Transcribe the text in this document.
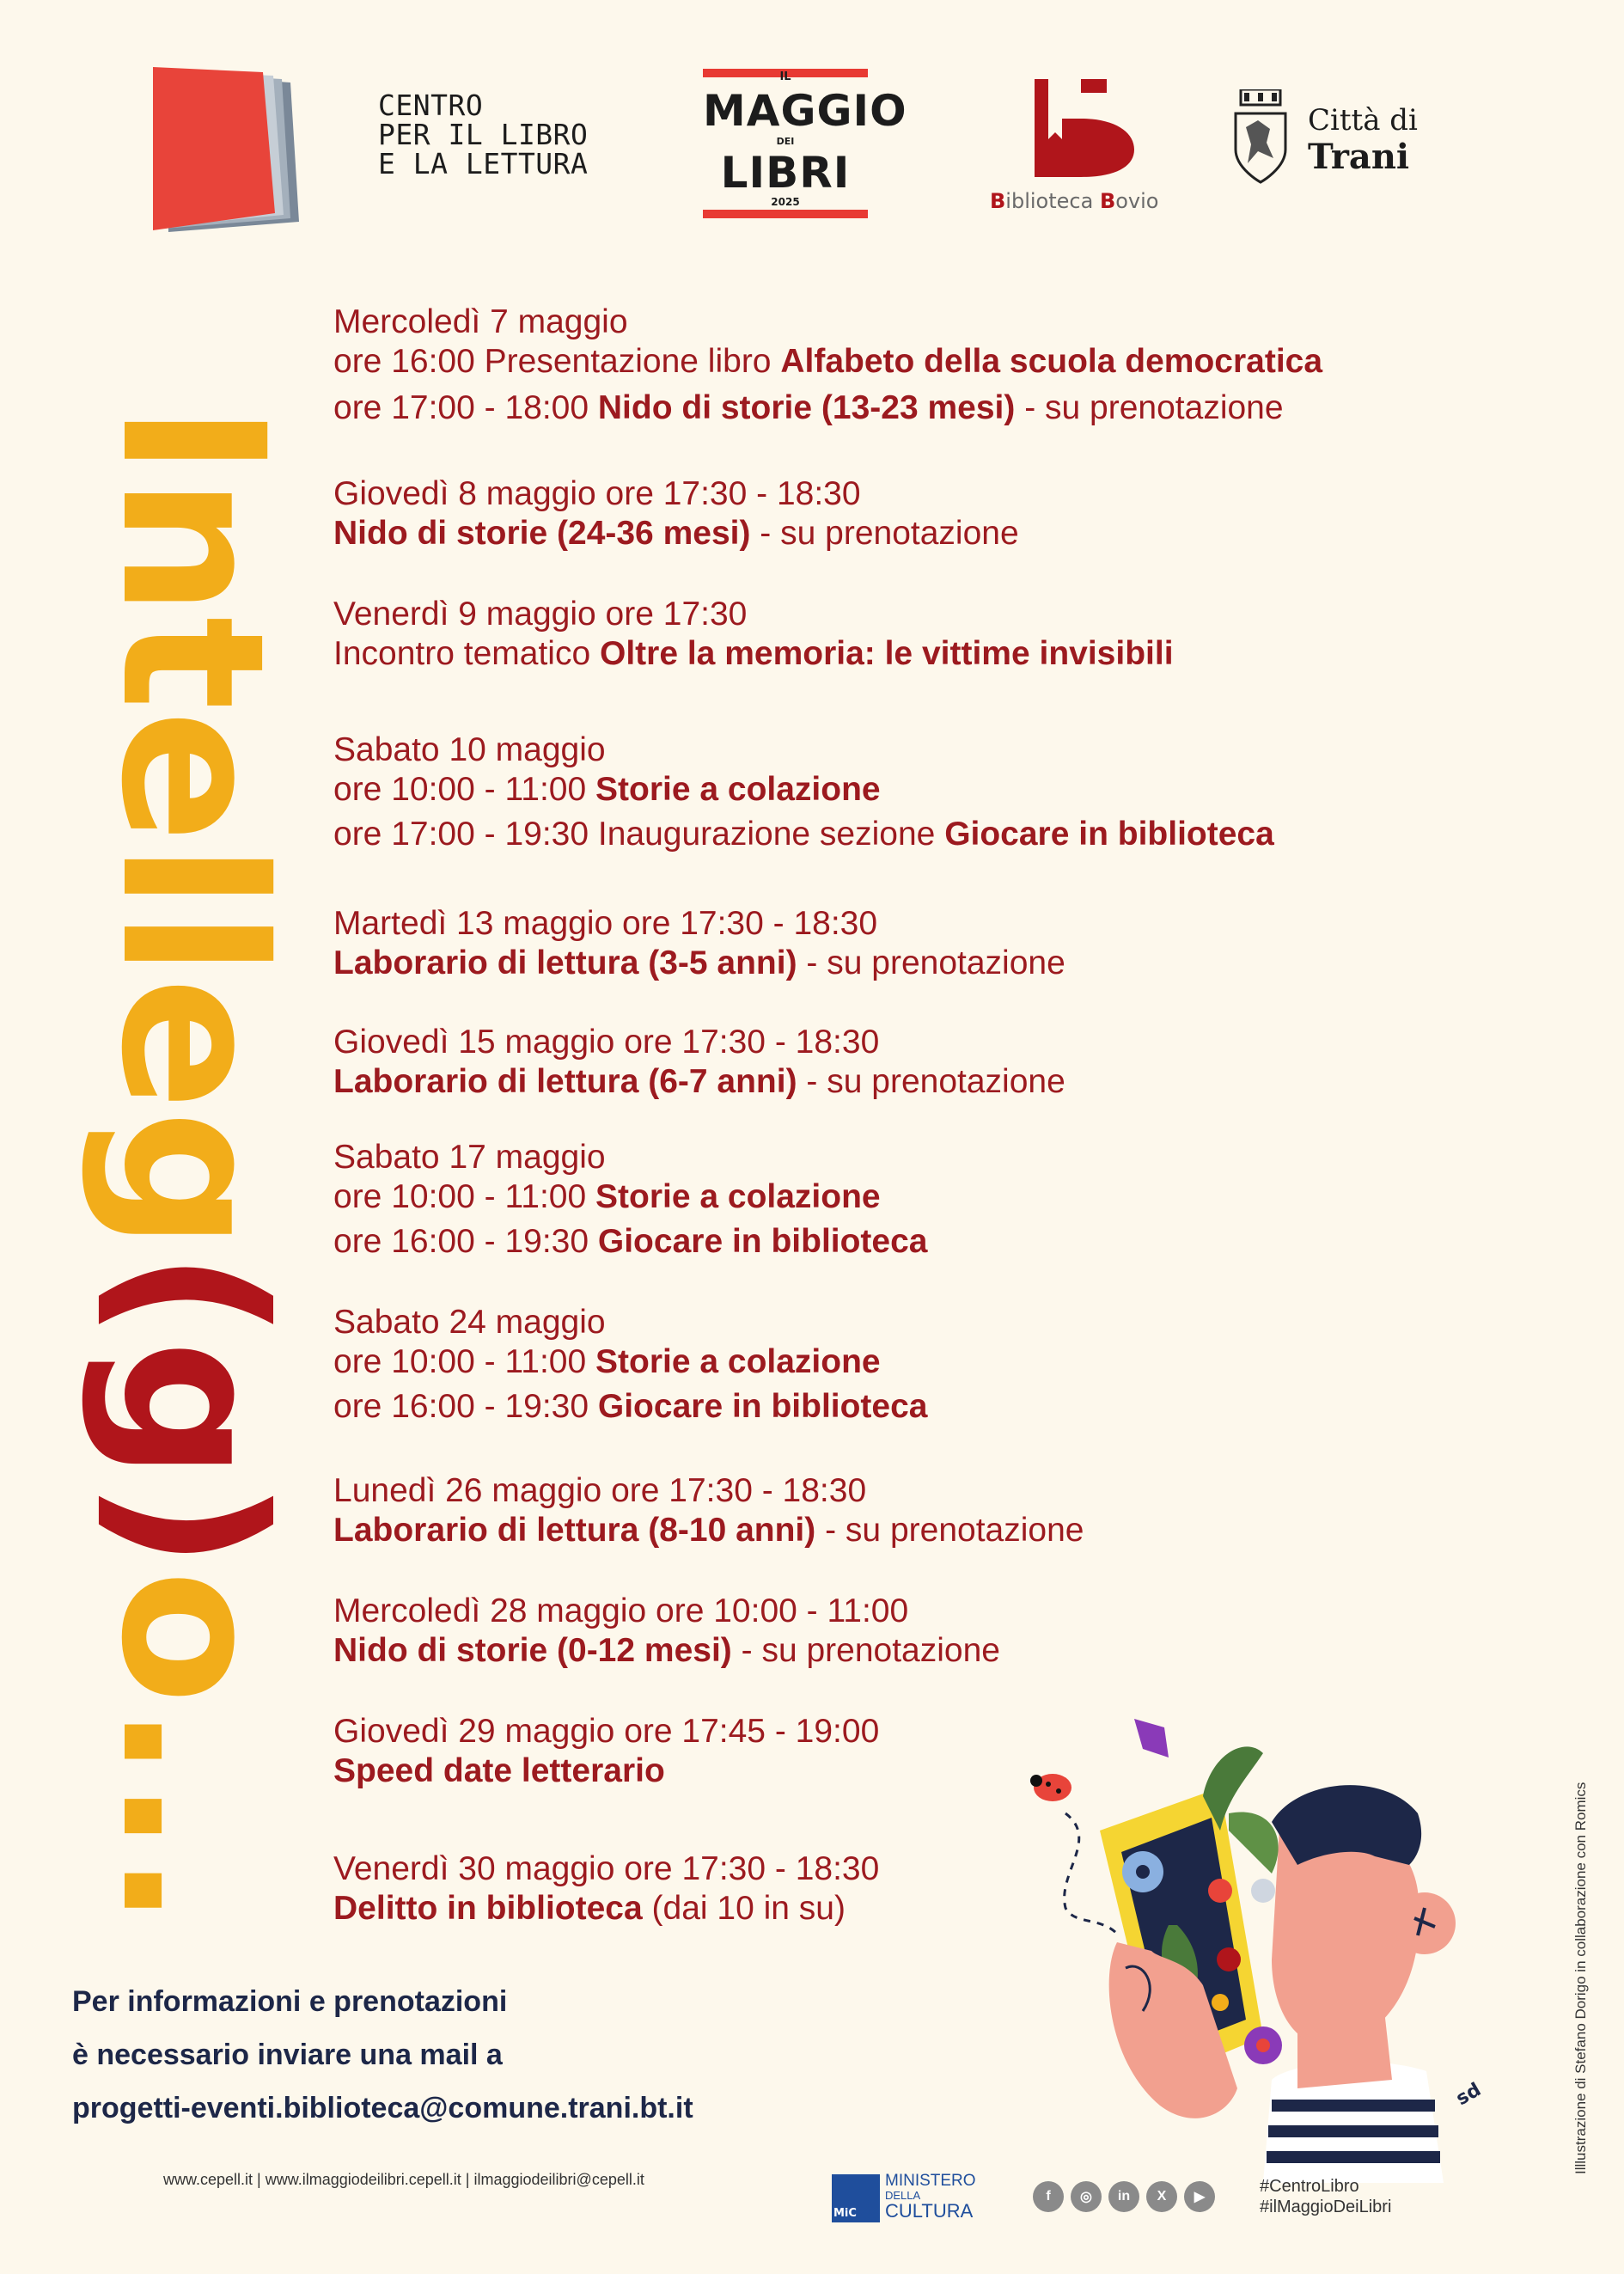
CENTRO
PER IL LIBRO
E LA LETTURA
IL
MAGGIO
DEI
LIBRI
2025	Biblioteca Bovio
Città di
Trani
Intelleg(g)o...
Mercoledì 7 maggio
ore 16:00 Presentazione libro Alfabeto della scuola democratica
ore 17:00 - 18:00 Nido di storie (13-23 mesi) - su prenotazione
Giovedì 8 maggio ore 17:30 - 18:30
Nido di storie (24-36 mesi) - su prenotazione
Venerdì 9 maggio ore 17:30
Incontro tematico Oltre la memoria: le vittime invisibili
Sabato 10 maggio
ore 10:00 - 11:00 Storie a colazione
ore 17:00 - 19:30 Inaugurazione sezione Giocare in biblioteca
Martedì 13 maggio ore 17:30 - 18:30
Laborario di lettura (3-5 anni) - su prenotazione
Giovedì 15 maggio ore 17:30 - 18:30
Laborario di lettura (6-7 anni) - su prenotazione
Sabato 17 maggio
ore 10:00 - 11:00 Storie a colazione
ore 16:00 - 19:30 Giocare in biblioteca
Sabato 24 maggio
ore 10:00 - 11:00 Storie a colazione
ore 16:00 - 19:30 Giocare in biblioteca
Lunedì 26 maggio ore 17:30 - 18:30
Laborario di lettura (8-10 anni) - su prenotazione
Mercoledì 28 maggio ore 10:00 - 11:00
Nido di storie (0-12 mesi) - su prenotazione
Giovedì 29 maggio ore 17:45 - 19:00
Speed date letterario
Venerdì 30 maggio ore 17:30 - 18:30
Delitto in biblioteca (dai 10 in su)
Per informazioni e prenotazioni
è necessario inviare una mail a
progetti-eventi.biblioteca@comune.trani.bt.it	sd	Illlustrazione di Stefano Dorigo in collaborazione con Romics
www.cepell.it | www.ilmaggiodeilibri.cepell.it | ilmaggiodeilibri@cepell.it
MiC
MINISTERO
DELLA
CULTURA
f	◎	in	X	▶
#CentroLibro
#ilMaggioDeiLibri
